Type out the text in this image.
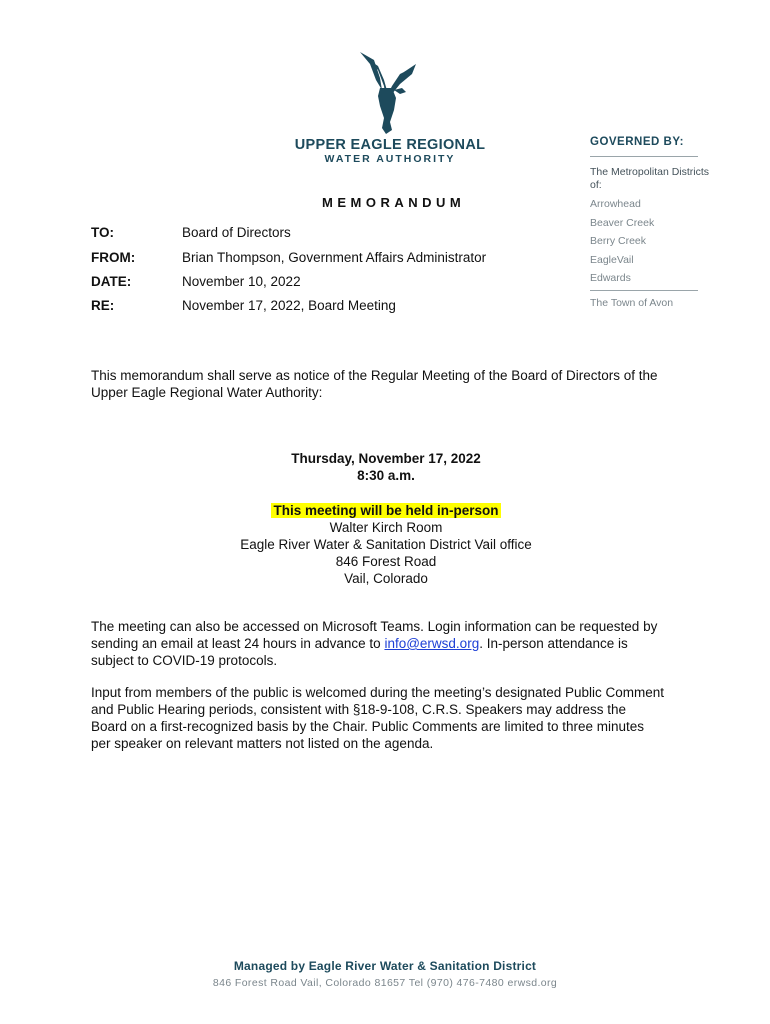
UPPER EAGLE REGIONAL
WATER AUTHORITY
GOVERNED BY:
The Metropolitan Districts of:
Arrowhead
Beaver Creek
Berry Creek
EagleVail
Edwards
The Town of Avon
MEMORANDUM
TO:	Board of Directors
FROM:	Brian Thompson, Government Affairs Administrator
DATE:	November 10, 2022
RE:	November 17, 2022, Board Meeting
This memorandum shall serve as notice of the Regular Meeting of the Board of Directors of the
Upper Eagle Regional Water Authority:
Thursday, November 17, 2022
8:30 a.m.
This meeting will be held in-person
Walter Kirch Room
Eagle River Water & Sanitation District Vail office
846 Forest Road
Vail, Colorado
The meeting can also be accessed on Microsoft Teams. Login information can be requested by
sending an email at least 24 hours in advance to info@erwsd.org. In-person attendance is
subject to COVID-19 protocols.
Input from members of the public is welcomed during the meeting’s designated Public Comment
and Public Hearing periods, consistent with §18-9-108, C.R.S. Speakers may address the
Board on a first-recognized basis by the Chair. Public Comments are limited to three minutes
per speaker on relevant matters not listed on the agenda.
Managed by Eagle River Water & Sanitation District
846 Forest Road Vail, Colorado 81657 Tel (970) 476-7480 erwsd.org
